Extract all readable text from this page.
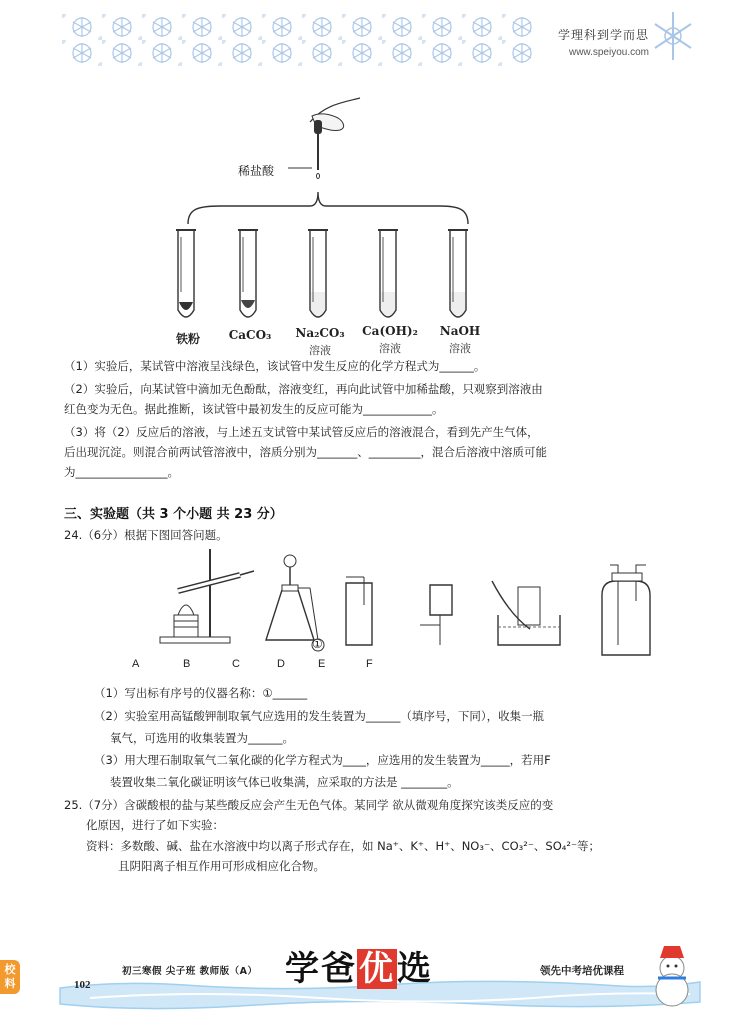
学理科到学而思
www.speiyou.com
稀盐酸
铁粉	CaCO₃	Na₂CO₃
溶液
Ca(OH)₂
溶液
NaOH
溶液
（1）实验后，某试管中溶液呈浅绿色，该试管中发生反应的化学方程式为______。
（2）实验后，向某试管中滴加无色酚酞，溶液变红，再向此试管中加稀盐酸，只观察到溶液由
红色变为无色。据此推断，该试管中最初发生的反应可能为____________。
（3）将（2）反应后的溶液，与上述五支试管中某试管反应后的溶液混合，看到先产生气体，
后出现沉淀。则混合前两试管溶液中，溶质分别为_______、_________，混合后溶液中溶质可能
为________________。
三、实验题（共 3 个小题 共 23 分）
24.（6分）根据下图回答问题。
①
A	B	C	D	E	F
（1）写出标有序号的仪器名称：①______
（2）实验室用高锰酸钾制取氧气应选用的发生装置为______（填序号，下同），收集一瓶
氧气，可选用的收集装置为______。
（3）用大理石制取氧气二氧化碳的化学方程式为____，应选用的发生装置为_____，若用F
装置收集二氧化碳证明该气体已收集满，应采取的方法是 ________。
25.（7分）含碳酸根的盐与某些酸反应会产生无色气体。某同学 欲从微观角度探究该类反应的变
化原因，进行了如下实验：
资料：多数酸、碱、盐在水溶液中均以离子形式存在，如 Na⁺、K⁺、H⁺、NO₃⁻、CO₃²⁻、SO₄²⁻等；
且阴阳离子相互作用可形成相应化合物。
校料	102
初三寒假 尖子班 教师版（A） 学爸优选	领先中考培优课程
